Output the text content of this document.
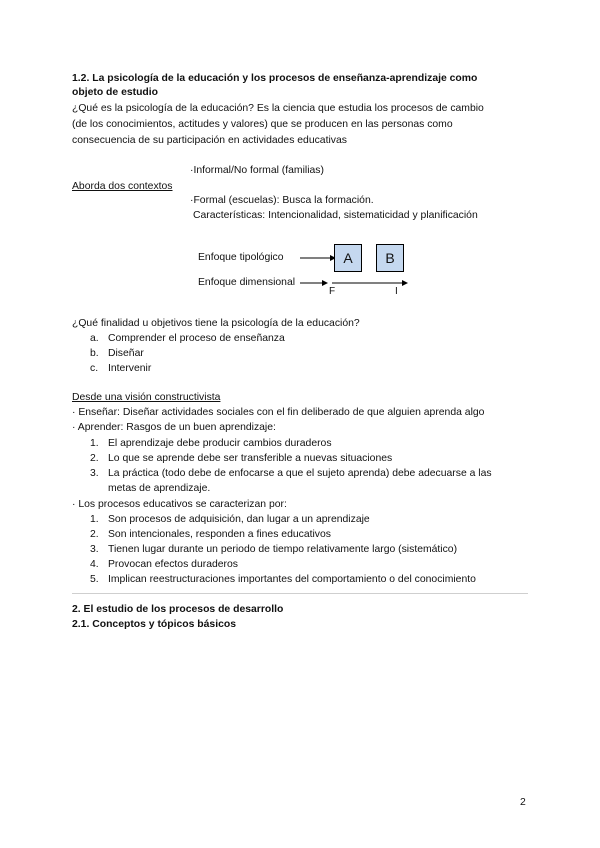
1.2. La psicología de la educación y los procesos de enseñanza-aprendizaje como
objeto de estudio
¿Qué es la psicología de la educación? Es la ciencia que estudia los procesos de cambio
(de los conocimientos, actitudes y valores) que se producen en las personas como
consecuencia de su participación en actividades educativas
·Informal/No formal (familias)
Aborda dos contextos
·Formal (escuelas): Busca la formación.
Características: Intencionalidad, sistematicidad y planificación
Enfoque tipológico	A	B
Enfoque dimensional
F	I
¿Qué finalidad u objetivos tiene la psicología de la educación?
a. Comprender el proceso de enseñanza
b. Diseñar
c. Intervenir
Desde una visión constructivista
· Enseñar: Diseñar actividades sociales con el fin deliberado de que alguien aprenda algo
· Aprender: Rasgos de un buen aprendizaje:
1. El aprendizaje debe producir cambios duraderos
2. Lo que se aprende debe ser transferible a nuevas situaciones
3. La práctica (todo debe de enfocarse a que el sujeto aprenda) debe adecuarse a las
metas de aprendizaje.
· Los procesos educativos se caracterizan por:
1. Son procesos de adquisición, dan lugar a un aprendizaje
2. Son intencionales, responden a fines educativos
3. Tienen lugar durante un periodo de tiempo relativamente largo (sistemático)
4. Provocan efectos duraderos
5. Implican reestructuraciones importantes del comportamiento o del conocimiento
2. El estudio de los procesos de desarrollo
2.1. Conceptos y tópicos básicos
2
